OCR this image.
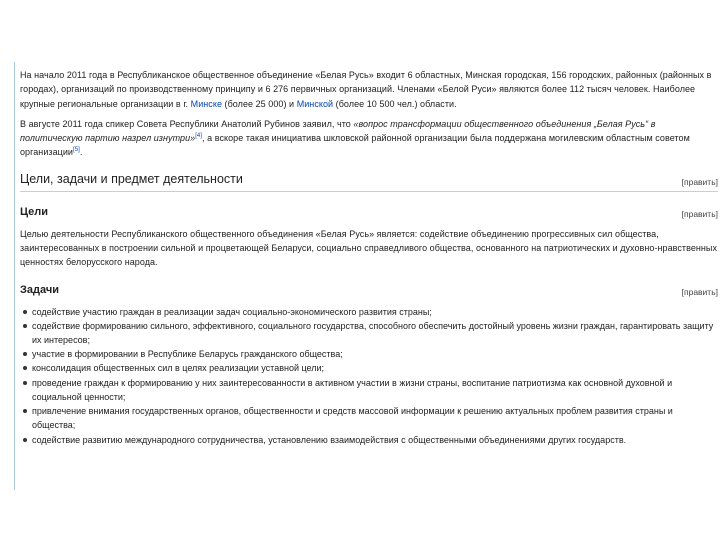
На начало 2011 года в Республиканское общественное объединение «Белая Русь» входит 6 областных, Минская городская, 156 городских, районных (районных в городах), организаций по производственному принципу и 6 276 первичных организаций. Членами «Белой Руси» являются более 112 тысяч человек. Наиболее крупные региональные организации в г. Минске (более 25 000) и Минской (более 10 500 чел.) области.

В августе 2011 года спикер Совета Республики Анатолий Рубинов заявил, что «вопрос трансформации общественного объединения „Белая Русь“ в политическую партию назрел изнутри»[4], а вскоре такая инициатива шкловской районной организации была поддержана могилевским областным советом организации[5].

Цели, задачи и предмет деятельности	[править]
Цели	[править]

Целью деятельности Республиканского общественного объединения «Белая Русь» является: содействие объединению прогрессивных сил общества, заинтересованных в построении сильной и процветающей Беларуси, социально справедливого общества, основанного на патриотических и духовно-нравственных ценностях белорусского народа.

Задачи	[править]
содействие участию граждан в реализации задач социально-экономического развития страны;
содействие формированию сильного, эффективного, социального государства, способного обеспечить достойный уровень жизни граждан, гарантировать защиту их интересов;
участие в формировании в Республике Беларусь гражданского общества;
консолидация общественных сил в целях реализации уставной цели;
проведение граждан к формированию у них заинтересованности в активном участии в жизни страны, воспитание патриотизма как основной духовной и социальной ценности;
привлечение внимания государственных органов, общественности и средств массовой информации к решению актуальных проблем развития страны и общества;
содействие развитию международного сотрудничества, установлению взаимодействия с общественными объединениями других государств.
